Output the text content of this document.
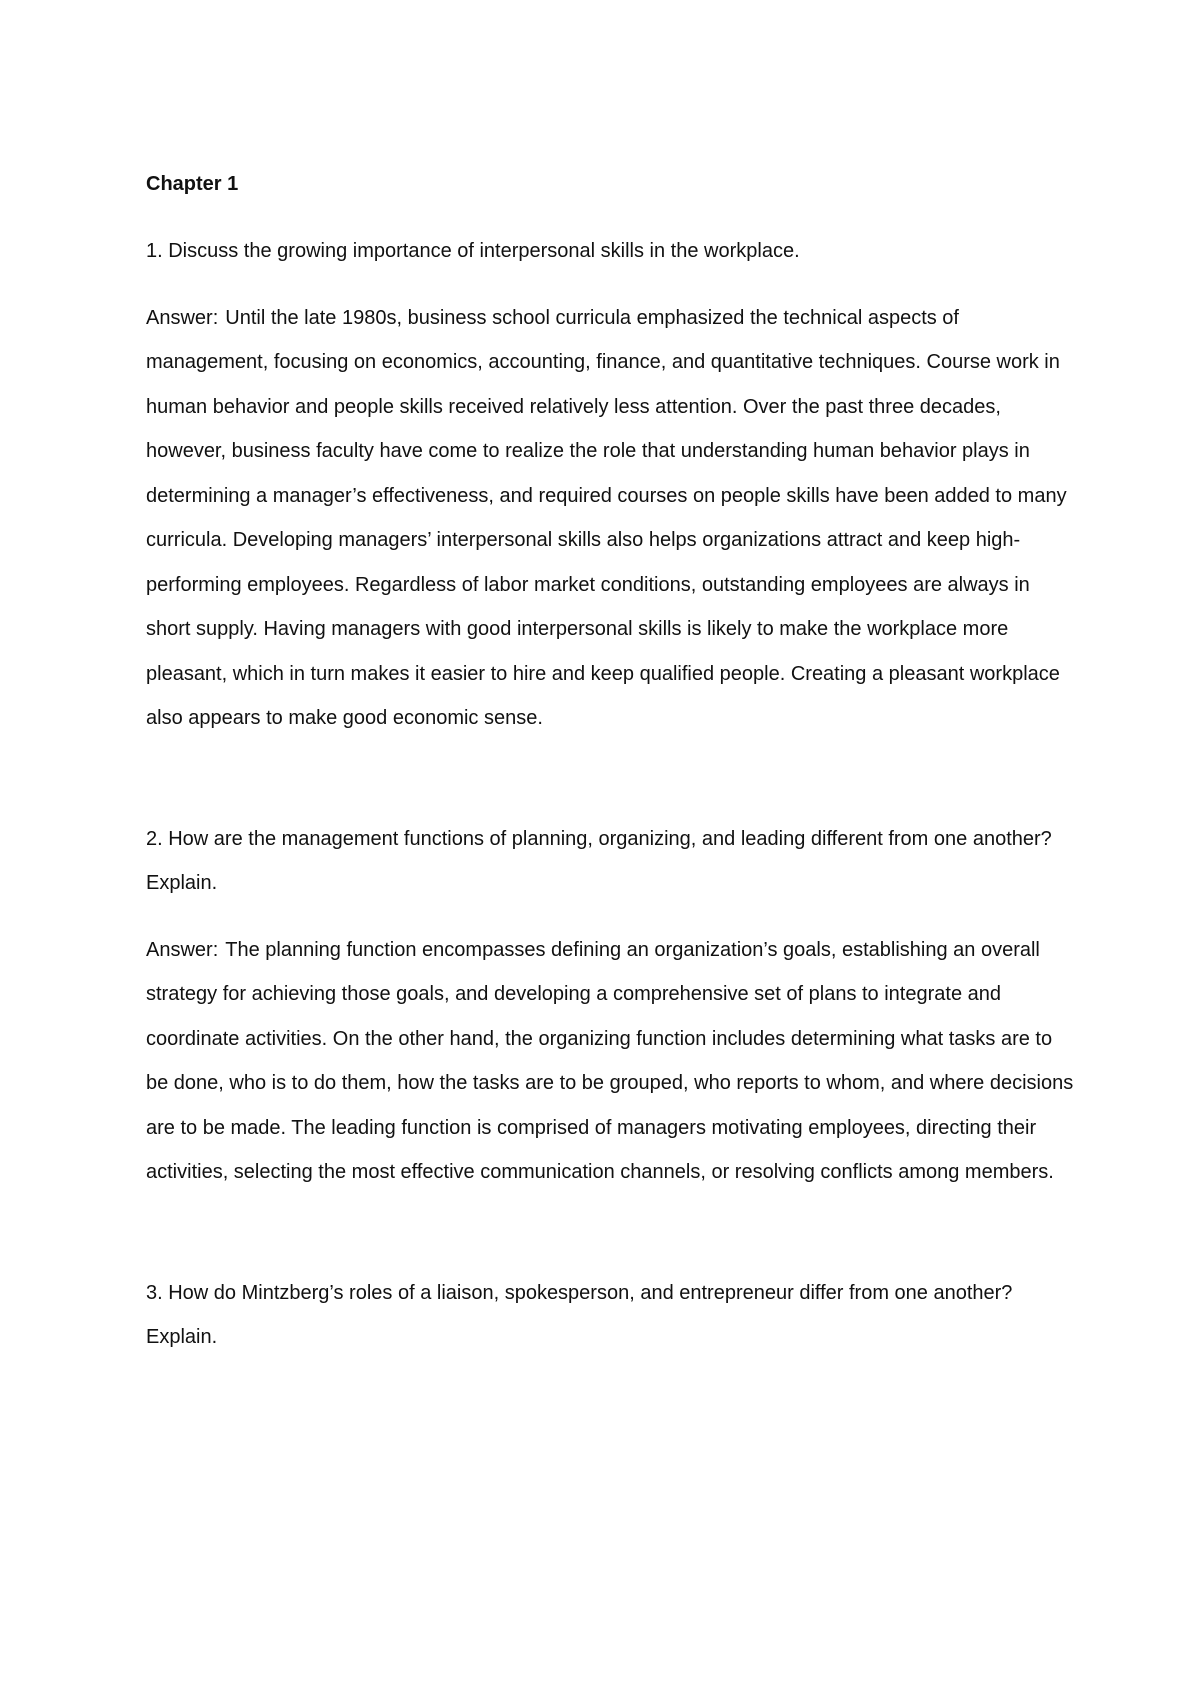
Chapter 1

1. Discuss the growing importance of interpersonal skills in the workplace.

Answer: Until the late 1980s, business school curricula emphasized the technical aspects of management, focusing on economics, accounting, finance, and quantitative techniques. Course work in human behavior and people skills received relatively less attention. Over the past three decades, however, business faculty have come to realize the role that understanding human behavior plays in determining a manager’s effectiveness, and required courses on people skills have been added to many curricula. Developing managers’ interpersonal skills also helps organizations attract and keep high-performing employees. Regardless of labor market conditions, outstanding employees are always in short supply. Having managers with good interpersonal skills is likely to make the workplace more pleasant, which in turn makes it easier to hire and keep qualified people. Creating a pleasant workplace also appears to make good economic sense.

2. How are the management functions of planning, organizing, and leading different from one another? Explain.

Answer: The planning function encompasses defining an organization’s goals, establishing an overall strategy for achieving those goals, and developing a comprehensive set of plans to integrate and coordinate activities. On the other hand, the organizing function includes determining what tasks are to be done, who is to do them, how the tasks are to be grouped, who reports to whom, and where decisions are to be made. The leading function is comprised of managers motivating employees, directing their activities, selecting the most effective communication channels, or resolving conflicts among members.

3. How do Mintzberg’s roles of a liaison, spokesperson, and entrepreneur differ from one another? Explain.
